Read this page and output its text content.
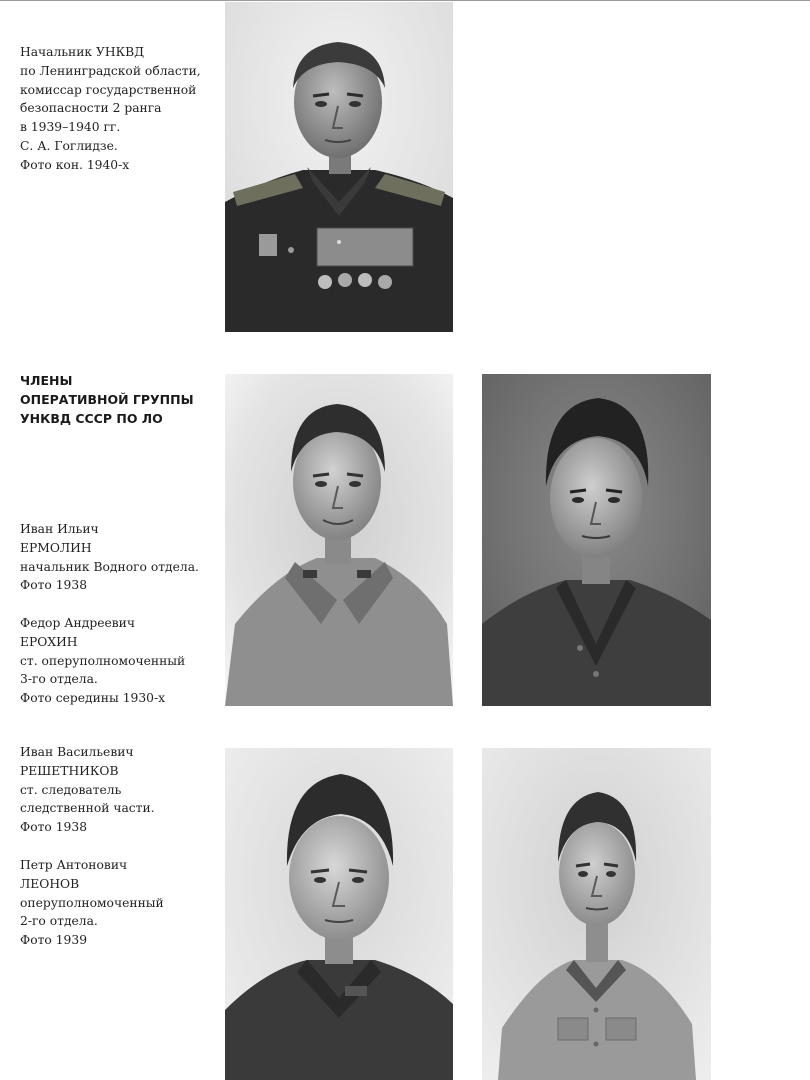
Начальник УНКВД
по Ленинградской области,
комиссар государственной
безопасности 2 ранга
в 1939–1940 гг.
С. А. Гоглидзе.
Фото кон. 1940-х
ЧЛЕНЫ
ОПЕРАТИВНОЙ ГРУППЫ
УНКВД СССР ПО ЛО
Иван Ильич
ЕРМОЛИН
начальник Водного отдела.
Фото 1938
Федор Андреевич
ЕРОХИН
ст. оперуполномоченный
3-го отдела.
Фото середины 1930-х
Иван Васильевич
РЕШЕТНИКОВ
ст. следователь
следственной части.
Фото 1938
Петр Антонович
ЛЕОНОВ
оперуполномоченный
2-го отдела.
Фото 1939
